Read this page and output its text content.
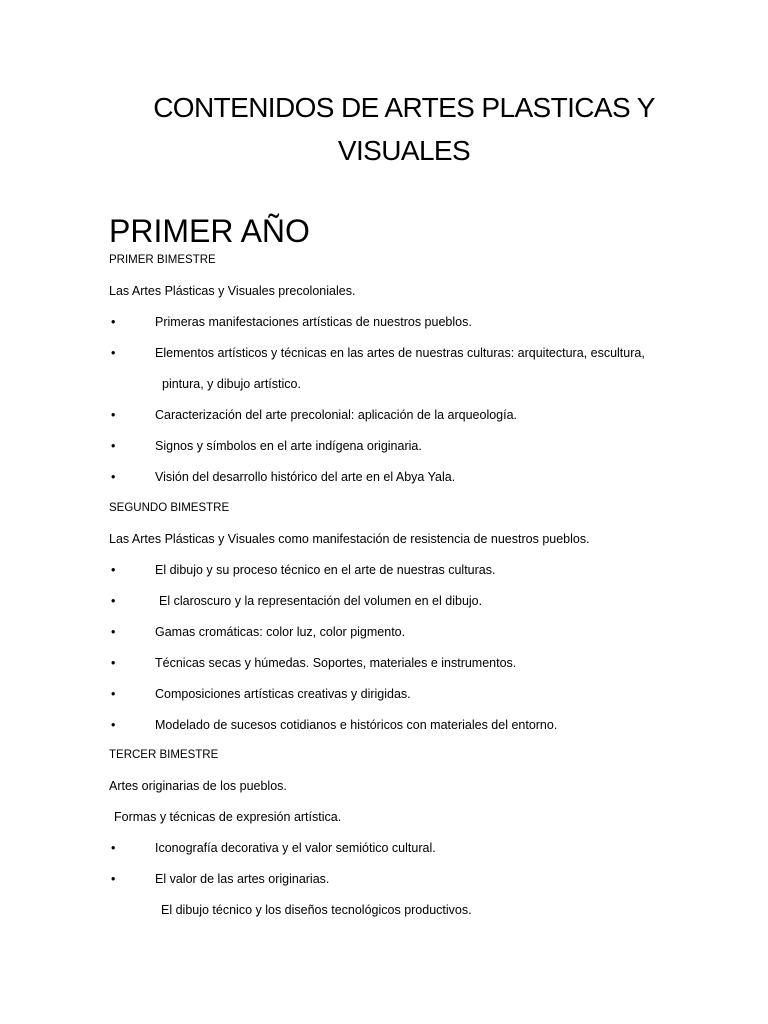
CONTENIDOS DE ARTES PLASTICAS Y
VISUALES
PRIMER AÑO
PRIMER BIMESTRE
Las Artes Plásticas y Visuales precoloniales.
•	Primeras manifestaciones artísticas de nuestros pueblos.
•	Elementos artísticos y técnicas en las artes de nuestras culturas: arquitectura, escultura,
pintura, y dibujo artístico.
•	Caracterización del arte precolonial: aplicación de la arqueología.
•	Signos y símbolos en el arte indígena originaria.
•	Visión del desarrollo histórico del arte en el Abya Yala.
SEGUNDO BIMESTRE
Las Artes Plásticas y Visuales como manifestación de resistencia de nuestros pueblos.
•	El dibujo y su proceso técnico en el arte de nuestras culturas.
•	El claroscuro y la representación del volumen en el dibujo.
•	Gamas cromáticas: color luz, color pigmento.
•	Técnicas secas y húmedas. Soportes, materiales e instrumentos.
•	Composiciones artísticas creativas y dirigidas.
•	Modelado de sucesos cotidianos e históricos con materiales del entorno.
TERCER BIMESTRE
Artes originarias de los pueblos.
Formas y técnicas de expresión artística.
•	Iconografía decorativa y el valor semiótico cultural.
•	El valor de las artes originarias.
El dibujo técnico y los diseños tecnológicos productivos.
